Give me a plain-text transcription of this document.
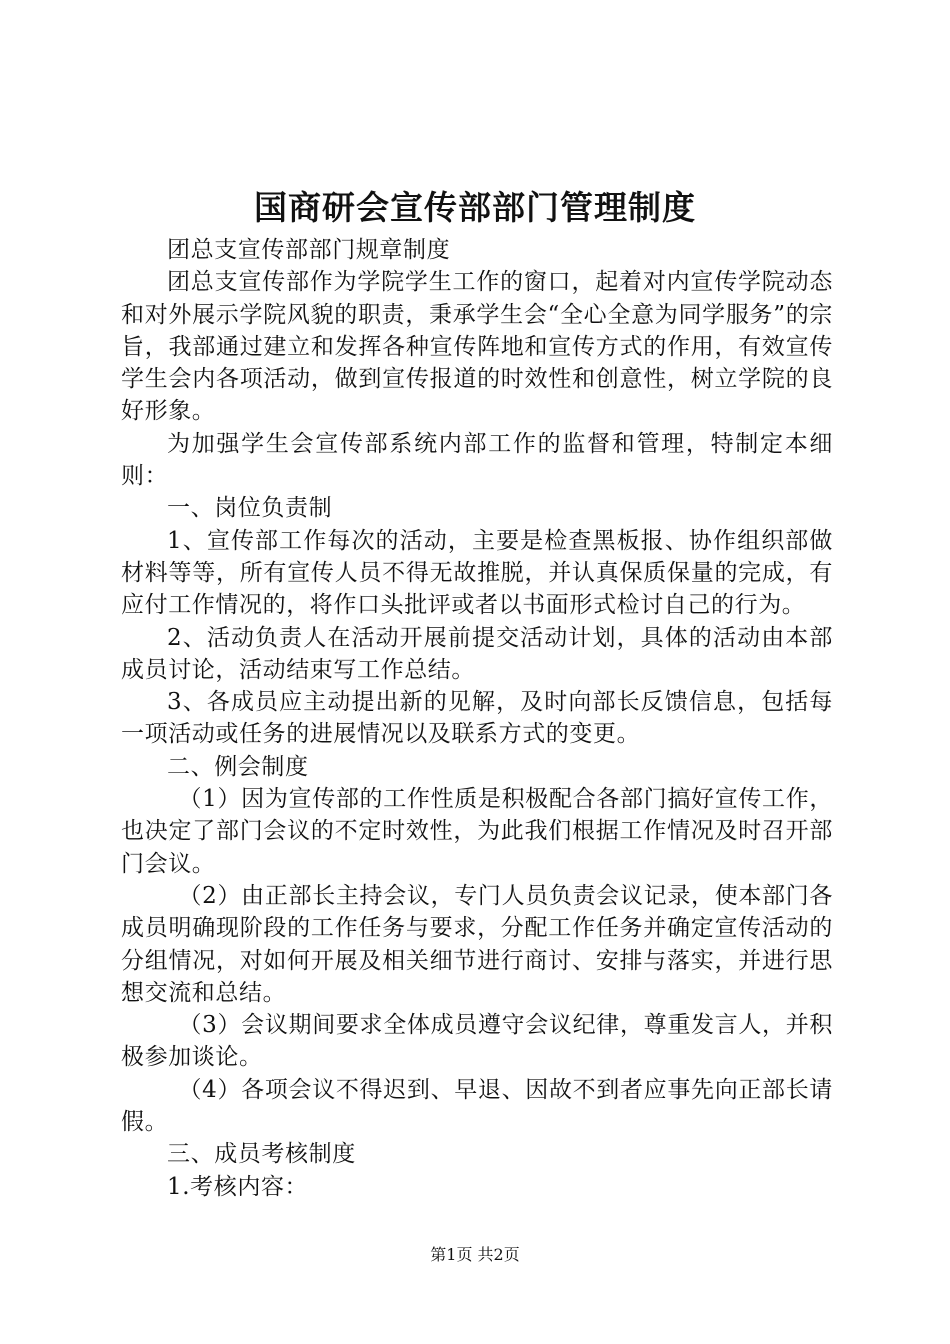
国商研会宣传部部门管理制度

团总支宣传部部门规章制度

团总支宣传部作为学院学生工作的窗口，起着对内宣传学院动态和对外展示学院风貌的职责，秉承学生会“全心全意为同学服务”的宗旨，我部通过建立和发挥各种宣传阵地和宣传方式的作用，有效宣传学生会内各项活动，做到宣传报道的时效性和创意性，树立学院的良好形象。

为加强学生会宣传部系统内部工作的监督和管理，特制定本细则：

一、岗位负责制

1、宣传部工作每次的活动，主要是检查黑板报、协作组织部做材料等等，所有宣传人员不得无故推脱，并认真保质保量的完成，有应付工作情况的，将作口头批评或者以书面形式检讨自己的行为。

2、活动负责人在活动开展前提交活动计划，具体的活动由本部成员讨论，活动结束写工作总结。

3、各成员应主动提出新的见解，及时向部长反馈信息，包括每一项活动或任务的进展情况以及联系方式的变更。

二、例会制度

（1）因为宣传部的工作性质是积极配合各部门搞好宣传工作，也决定了部门会议的不定时效性，为此我们根据工作情况及时召开部门会议。

（2）由正部长主持会议，专门人员负责会议记录，使本部门各成员明确现阶段的工作任务与要求，分配工作任务并确定宣传活动的分组情况，对如何开展及相关细节进行商讨、安排与落实，并进行思想交流和总结。

（3）会议期间要求全体成员遵守会议纪律，尊重发言人，并积极参加谈论。

（4）各项会议不得迟到、早退、因故不到者应事先向正部长请假。

三、成员考核制度

1.考核内容：

第1页 共2页
